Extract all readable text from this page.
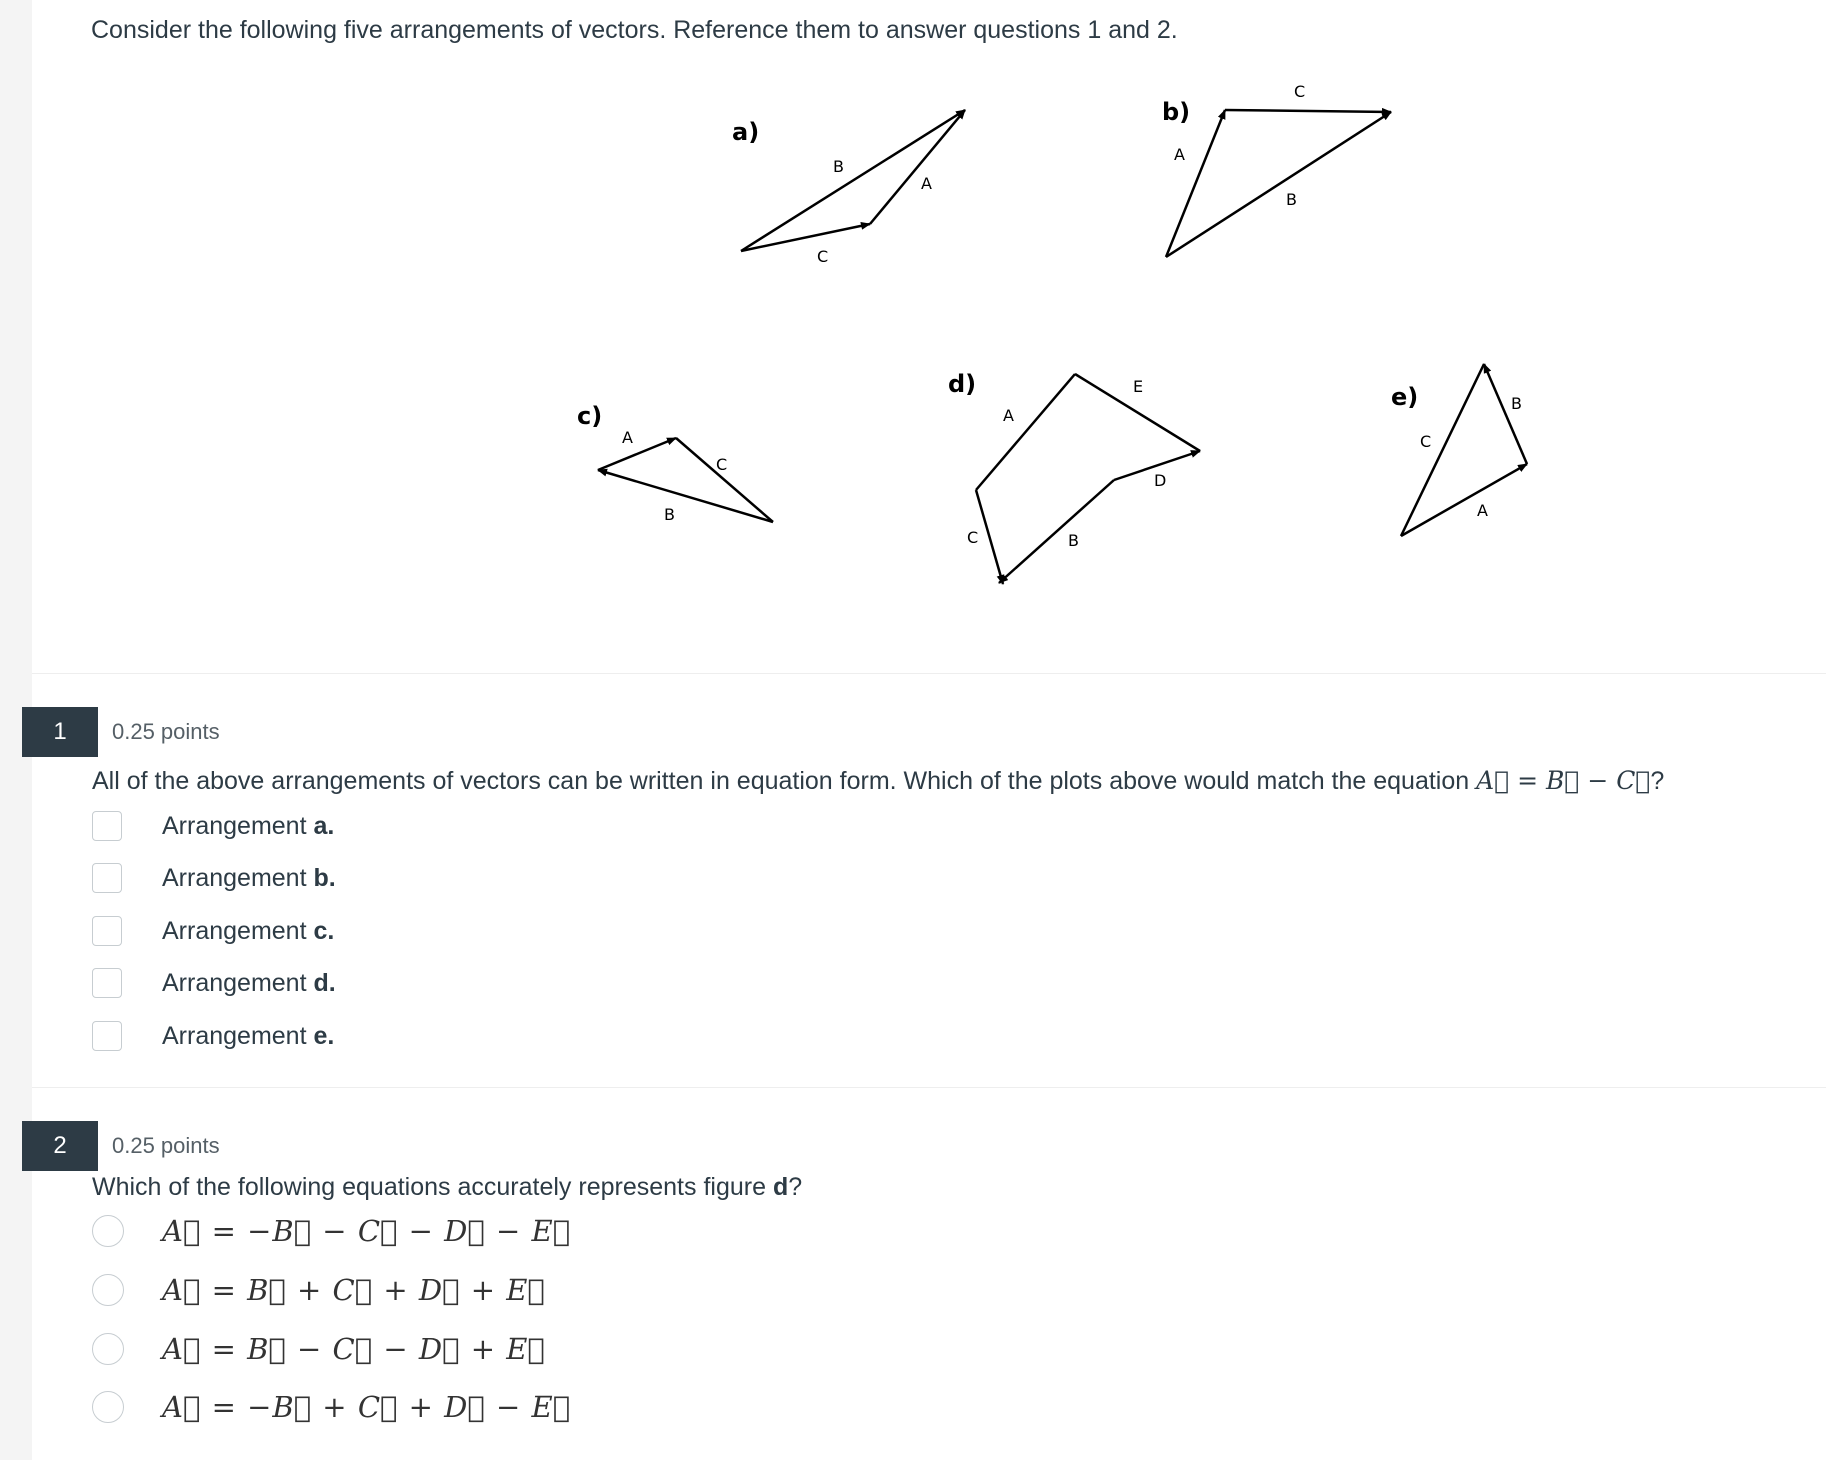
Consider the following five arrangements of vectors. Reference them to answer questions 1 and 2.
a)
A
B
C
b)
A
B
C
c)
A
B
C
d)
A
B
C
D
E	e)
A
B
C
1	0.25 points
All of the above arrangements of vectors can be written in equation form. Which of the plots above would match the equation A⃗ = B⃗ − C⃗?
Arrangement a.
Arrangement b.
Arrangement c.
Arrangement d.
Arrangement e.
2	0.25 points
Which of the following equations accurately represents figure d?
A⃗ = −B⃗ − C⃗ − D⃗ − E⃗
A⃗ = B⃗ + C⃗ + D⃗ + E⃗
A⃗ = B⃗ − C⃗ − D⃗ + E⃗
A⃗ = −B⃗ + C⃗ + D⃗ − E⃗
